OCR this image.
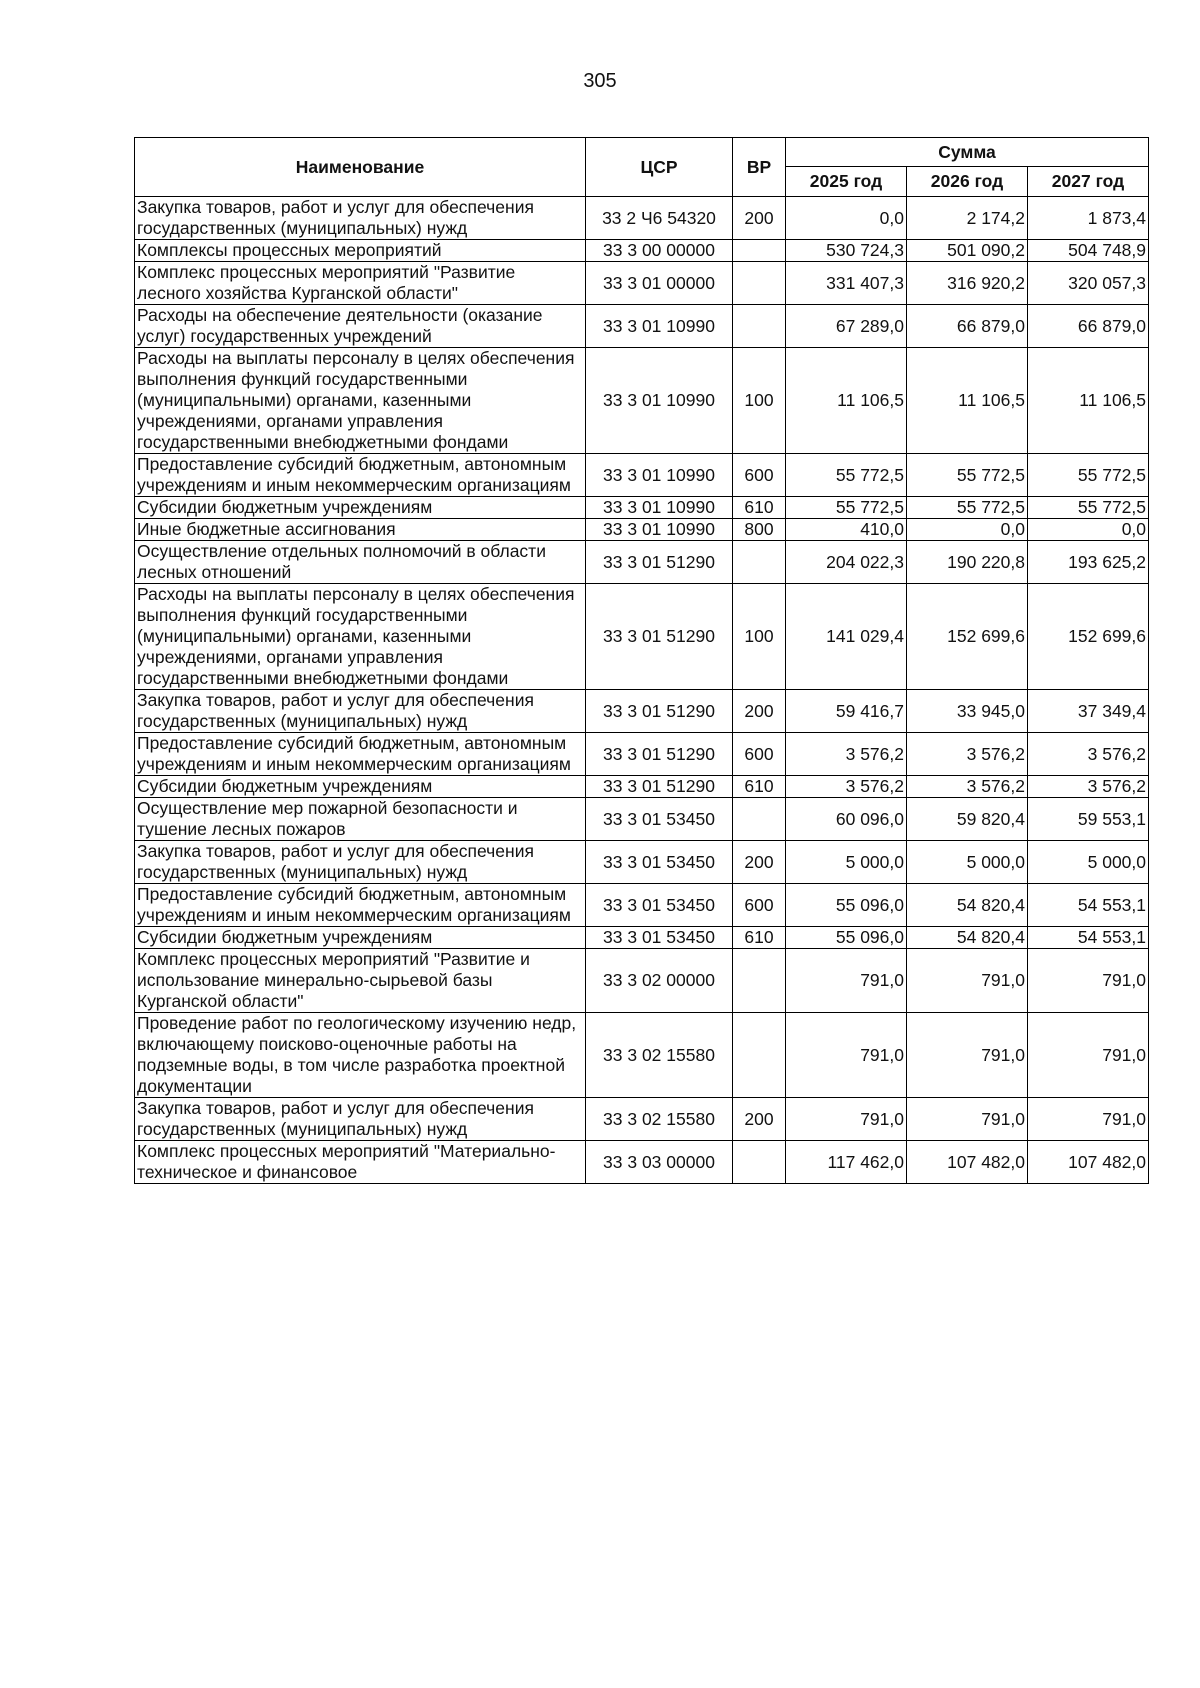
305
Наименование	ЦСР	ВР	Сумма		
			2025 год	2026 год	2027 год
Закупка товаров, работ и услуг для обеспечения государственных (муниципальных) нужд	33 2 Ч6 54320	200	0,0	2 174,2	1 873,4
Комплексы процессных мероприятий	33 3 00 00000		530 724,3	501 090,2	504 748,9
Комплекс процессных мероприятий "Развитие лесного хозяйства Курганской области"	33 3 01 00000		331 407,3	316 920,2	320 057,3
Расходы на обеспечение деятельности (оказание услуг) государственных учреждений	33 3 01 10990		67 289,0	66 879,0	66 879,0
Расходы на выплаты персоналу в целях обеспечения выполнения функций государственными (муниципальными) органами, казенными учреждениями, органами управления государственными внебюджетными фондами	33 3 01 10990	100	11 106,5	11 106,5	11 106,5
Предоставление субсидий бюджетным, автономным учреждениям и иным некоммерческим организациям	33 3 01 10990	600	55 772,5	55 772,5	55 772,5
Субсидии бюджетным учреждениям	33 3 01 10990	610	55 772,5	55 772,5	55 772,5
Иные бюджетные ассигнования	33 3 01 10990	800	410,0	0,0	0,0
Осуществление отдельных полномочий в области лесных отношений	33 3 01 51290		204 022,3	190 220,8	193 625,2
Расходы на выплаты персоналу в целях обеспечения выполнения функций государственными (муниципальными) органами, казенными учреждениями, органами управления государственными внебюджетными фондами	33 3 01 51290	100	141 029,4	152 699,6	152 699,6
Закупка товаров, работ и услуг для обеспечения государственных (муниципальных) нужд	33 3 01 51290	200	59 416,7	33 945,0	37 349,4
Предоставление субсидий бюджетным, автономным учреждениям и иным некоммерческим организациям	33 3 01 51290	600	3 576,2	3 576,2	3 576,2
Субсидии бюджетным учреждениям	33 3 01 51290	610	3 576,2	3 576,2	3 576,2
Осуществление мер пожарной безопасности и тушение лесных пожаров	33 3 01 53450		60 096,0	59 820,4	59 553,1
Закупка товаров, работ и услуг для обеспечения государственных (муниципальных) нужд	33 3 01 53450	200	5 000,0	5 000,0	5 000,0
Предоставление субсидий бюджетным, автономным учреждениям и иным некоммерческим организациям	33 3 01 53450	600	55 096,0	54 820,4	54 553,1
Субсидии бюджетным учреждениям	33 3 01 53450	610	55 096,0	54 820,4	54 553,1
Комплекс процессных мероприятий "Развитие и использование минерально-сырьевой базы Курганской области"	33 3 02 00000		791,0	791,0	791,0
Проведение работ по геологическому изучению недр, включающему поисково-оценочные работы на подземные воды, в том числе разработка проектной документации	33 3 02 15580		791,0	791,0	791,0
Закупка товаров, работ и услуг для обеспечения государственных (муниципальных) нужд	33 3 02 15580	200	791,0	791,0	791,0
Комплекс процессных мероприятий "Материально-техническое и финансовое	33 3 03 00000		117 462,0	107 482,0	107 482,0
